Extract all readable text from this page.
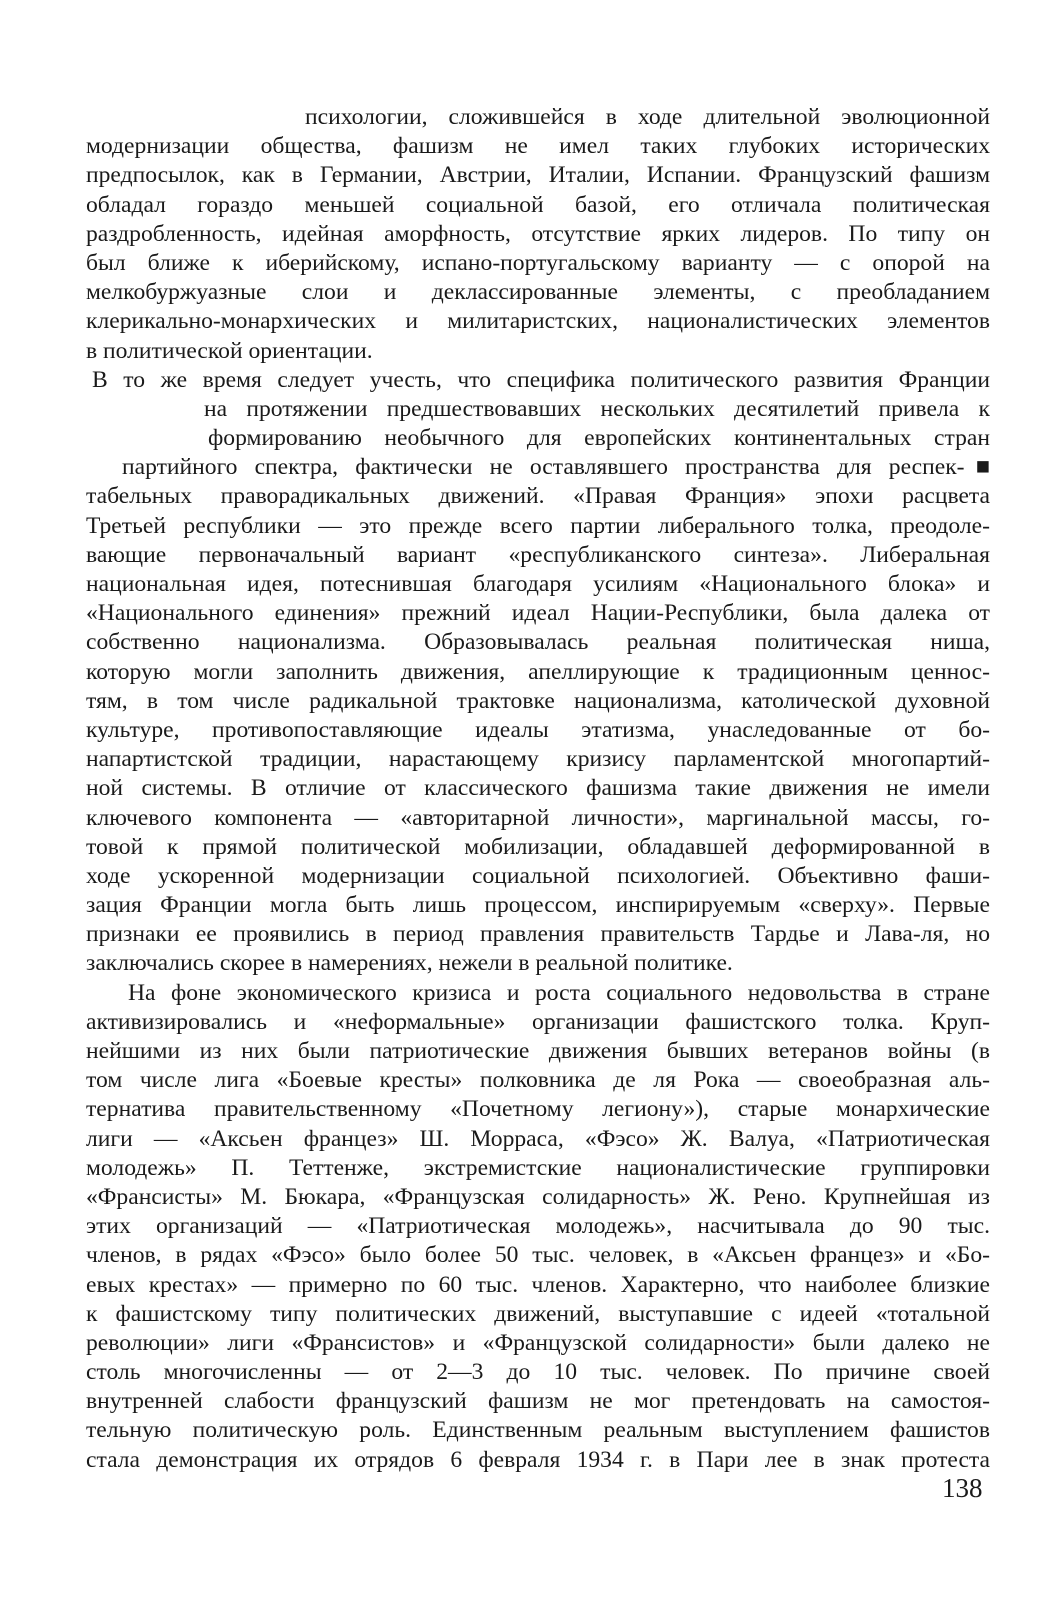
психологии, сложившейся в ходе длительной эволюционной
модернизации общества, фашизм не имел таких глубоких исторических
предпосылок, как в Германии, Австрии, Италии, Испании. Французский фашизм
обладал гораздо меньшей социальной базой, его отличала политическая
раздробленность, идейная аморфность, отсутствие ярких лидеров. По типу он
был ближе к иберийскому, испано-португальскому варианту — с опорой на
мелкобуржуазные слои и деклассированные элементы, с преобладанием
клерикально-монархических и милитаристских, националистических элементов
в политической ориентации.
В то же время следует учесть, что специфика политического развития Франции
на протяжении предшествовавших нескольких десятилетий привела к
формированию необычного для европейских континентальных стран
партийного спектра, фактически не оставлявшего пространства для респек-■
табельных праворадикальных движений. «Правая Франция» эпохи расцвета
Третьей республики — это прежде всего партии либерального толка, преодоле-
вающие первоначальный вариант «республиканского синтеза». Либеральная
национальная идея, потеснившая благодаря усилиям «Национального блока» и
«Национального единения» прежний идеал Нации-Республики, была далека от
собственно национализма. Образовывалась реальная политическая ниша,
которую могли заполнить движения, апеллирующие к традиционным ценнос-
тям, в том числе радикальной трактовке национализма, католической духовной
культуре, противопоставляющие идеалы этатизма, унаследованные от бо-
напартистской традиции, нарастающему кризису парламентской многопартий-
ной системы. В отличие от классического фашизма такие движения не имели
ключевого компонента — «авторитарной личности», маргинальной массы, го-
товой к прямой политической мобилизации, обладавшей деформированной в
ходе ускоренной модернизации социальной психологией. Объективно фаши-
зация Франции могла быть лишь процессом, инспирируемым «сверху». Первые
признаки ее проявились в период правления правительств Тардье и Лава-ля, но
заключались скорее в намерениях, нежели в реальной политике.
На фоне экономического кризиса и роста социального недовольства в стране
активизировались и «неформальные» организации фашистского толка. Круп-
нейшими из них были патриотические движения бывших ветеранов войны (в
том числе лига «Боевые кресты» полковника де ля Рока — своеобразная аль-
тернатива правительственному «Почетному легиону»), старые монархические
лиги — «Аксьен францез» Ш. Морраса, «Фэсо» Ж. Валуа, «Патриотическая
молодежь» П. Теттенже, экстремистские националистические группировки
«Франсисты» М. Бюкара, «Французская солидарность» Ж. Рено. Крупнейшая из
этих организаций — «Патриотическая молодежь», насчитывала до 90 тыс.
членов, в рядах «Фэсо» было более 50 тыс. человек, в «Аксьен францез» и «Бо-
евых крестах» — примерно по 60 тыс. членов. Характерно, что наиболее близкие
к фашистскому типу политических движений, выступавшие с идеей «тотальной
революции» лиги «Франсистов» и «Французской солидарности» были далеко не
столь многочисленны — от 2—3 до 10 тыс. человек. По причине своей
внутренней слабости французский фашизм не мог претендовать на самостоя-
тельную политическую роль. Единственным реальным выступлением фашистов
стала демонстрация их отрядов 6 февраля 1934 г. в Пари лее в знак протеста
138
